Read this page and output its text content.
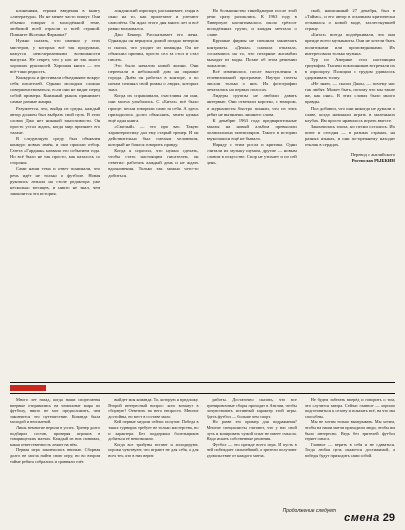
клонениям, героям введения в книгу «литература». Их не менее часто пишут. Они обычно говорят о молодёжной теме, любимой всей отрасли и всей страной. Помните Жолтана Фаркаша?

Нужно сказать, что именно у этих мистеров, у которых всё так продумано, кажутся неисчерпаемыми возможности выпуска. Не секрет, что у нас не так много хороших рукописей. Хорошая книга — это всё-таки редкость.

Конкурсы и фестивали объединяют вокруг себя писателей. Однако молодым сложно совершенствоваться, если они не видят перед собой примера. Книжный рынок принимает самые разные жанры.

Разумеется, что, выйдя из среды, каждый автор должен был выбрать свой путь. В этих словах Джо нет никакой заносчивости. Он просто устал ждать, когда мир признает его талант.

В следующую среду был объявлен конкурс новых имён, и они прошли отбор. Газета «Гардиан» назвала это событием года. Но всё было не так просто, как казалось со стороны.

Сами наши тема и ответ понимали, что речь идёт не только о футболе. Новая рукопись лежала на столе редактора уже несколько месяцев, и никто не знал, чем закончится эта история.

лондонский аэропорт, расхаживает, глядя в окно на то, как прилетают и улетают самолёты. Он ждал этого дня много лет и всё равно волновался.

Джо Беккер. Рассказывает его жена. Однажды он вернулся домой поздно вечером и сказал, что уходит из команды. Он не объяснил причин, просто сел за стол и стал писать.

Это было началом новой жизни. Они переехали в небольшой дом на окраине города. Днём он работал в конторе, а по ночам сочинял свой роман о людях, которых знал.

Когда их спрашивали, счастливы ли они, они молча улыбались. С «Битлз» всё было проще: песни говорили сами за себя. А здесь приходилось долго объяснять, зачем нужна ещё одна книга.

«Смелый» — это про вас. Такую характеристику дал ему старый тренер. И он действительно был смелым человеком, который не боялся говорить правду.

Когда я спросил, что нужно сделать, чтобы стать настоящим писателем, он ответил: работать каждый день и не ждать вдохновения. Только так можно чего-то добиться.

Но большинство тинейджеров после этой речи сразу разошлись. К 1963 году в Ливерпуле насчитывалось около трёхсот молодёжных групп, и каждая мечтала о славе.

Крупные фирмы не спешили заключать контракты. «Декка» сначала отказала, сославшись на то, что гитарные ансамбли выходят из моды. Позже об этом решении пожалели.

Всё изменилось после выступления в телевизионной программе. Наутро газеты писали только о них. Их фотографии печатались на первых полосах.

Лидеры группы не любили давать интервью. Они отвечали коротко, с юмором, и журналисты быстро поняли, что из этих ребят не вытянешь лишнего слова.

К декабрю 1963 года предварительные заказы на новый альбом превысили полмиллиона экземпляров. Такого в истории звукозаписи ещё не бывало.

Наряду с этим росла и критика. Одни считали их музыку шумом, другие — новым словом в искусстве. Спор не утихает и по сей день.

ской, написанный 27 декабря, был в «Таймс», и его автор в основном критически отзывался о новой моде, захлестнувшей страну.

«Битлз» всегда подчёркивали, что они прежде всего музыканты. Они не хотели быть политиками или проповедниками. Их интересовала только музыка.

Тур по Америке стал настоящим триумфом. Тысячи поклонников встречали их в аэропорту. Полиции с трудом удавалось сдерживать толпу.

«Не знаю, — сказал Джон, — почему нас так любят. Может быть, потому что мы такие же, как они». В этих словах было много правды.

Пол добавил, что они никогда не думали о славе, когда начинали играть в маленьких клубах. Им просто нравилось играть вместе.

Закончилась эпоха, но песни остались. Их поют и сегодня — в разных странах, на разных языках, и они по-прежнему находят отклик в сердцах.

Перевод с английского
Ростислав РЫБКИН

Много лет назад, когда наши спортсмены впервые отправились на чемпионат мира по футболу, никто не мог предположить, чем закончится это путешествие. Команда была молодой и неопытной.

Лишь немногие верили в успех. Тренер долго подбирал состав, проверяя игроков в товарищеских матчах. Каждый из них понимал, какая ответственность лежит на нём.

Первая игра закончилась вничью. Сборная долго не могла найти свою игру, но во втором тайме ребята собрались и сравняли счёт.

выйдет моя команда. То, которую я предложу. Второй интересный вопрос: кого возьмут в сборную? Ответить на него непросто. Многие достойны, но мест в составе мало.

Кей первые медали сейчас получат. Победа в таких турнирах требует не только мастерства, но и характера. Без поддержки болельщиков добиться её невозможно.

Когда все трибуны встают и аплодируют, игроки чувствуют, что играют не для себя, а для всех тех, кто в них верит.

работы. Достаточно сказать, что все тренировочные сборы проходят в Англии, чтобы почувствовать истинный характер этой игры. Здесь футбол — больше чем спорт.

Но разве это пример для подражания? Многие специалисты считают, что у нас свой путь и копировать чужой опыт не имеет смысла. Надо искать собственные решения.

Футбол — это прежде всего игра. И пусть в ней побеждает сильнейший, а зрители получают удовольствие от каждого матча.

Не будем забегать вперёд и говорить о том, что случится завтра. Сейчас главное — хорошо подготовиться к сезону и показать всё, на что мы способны.

Мы не хотим только выигрывать. Мы хотим, чтобы на наши матчи приходили люди, чтобы им было интересно. Ведь без зрителей футбол теряет смысл.

Главное — верить в себя и не сдаваться. Тогда любая цель окажется достижимой, а победы будут приходить сами собой.

Продолжение следует
смена 29
